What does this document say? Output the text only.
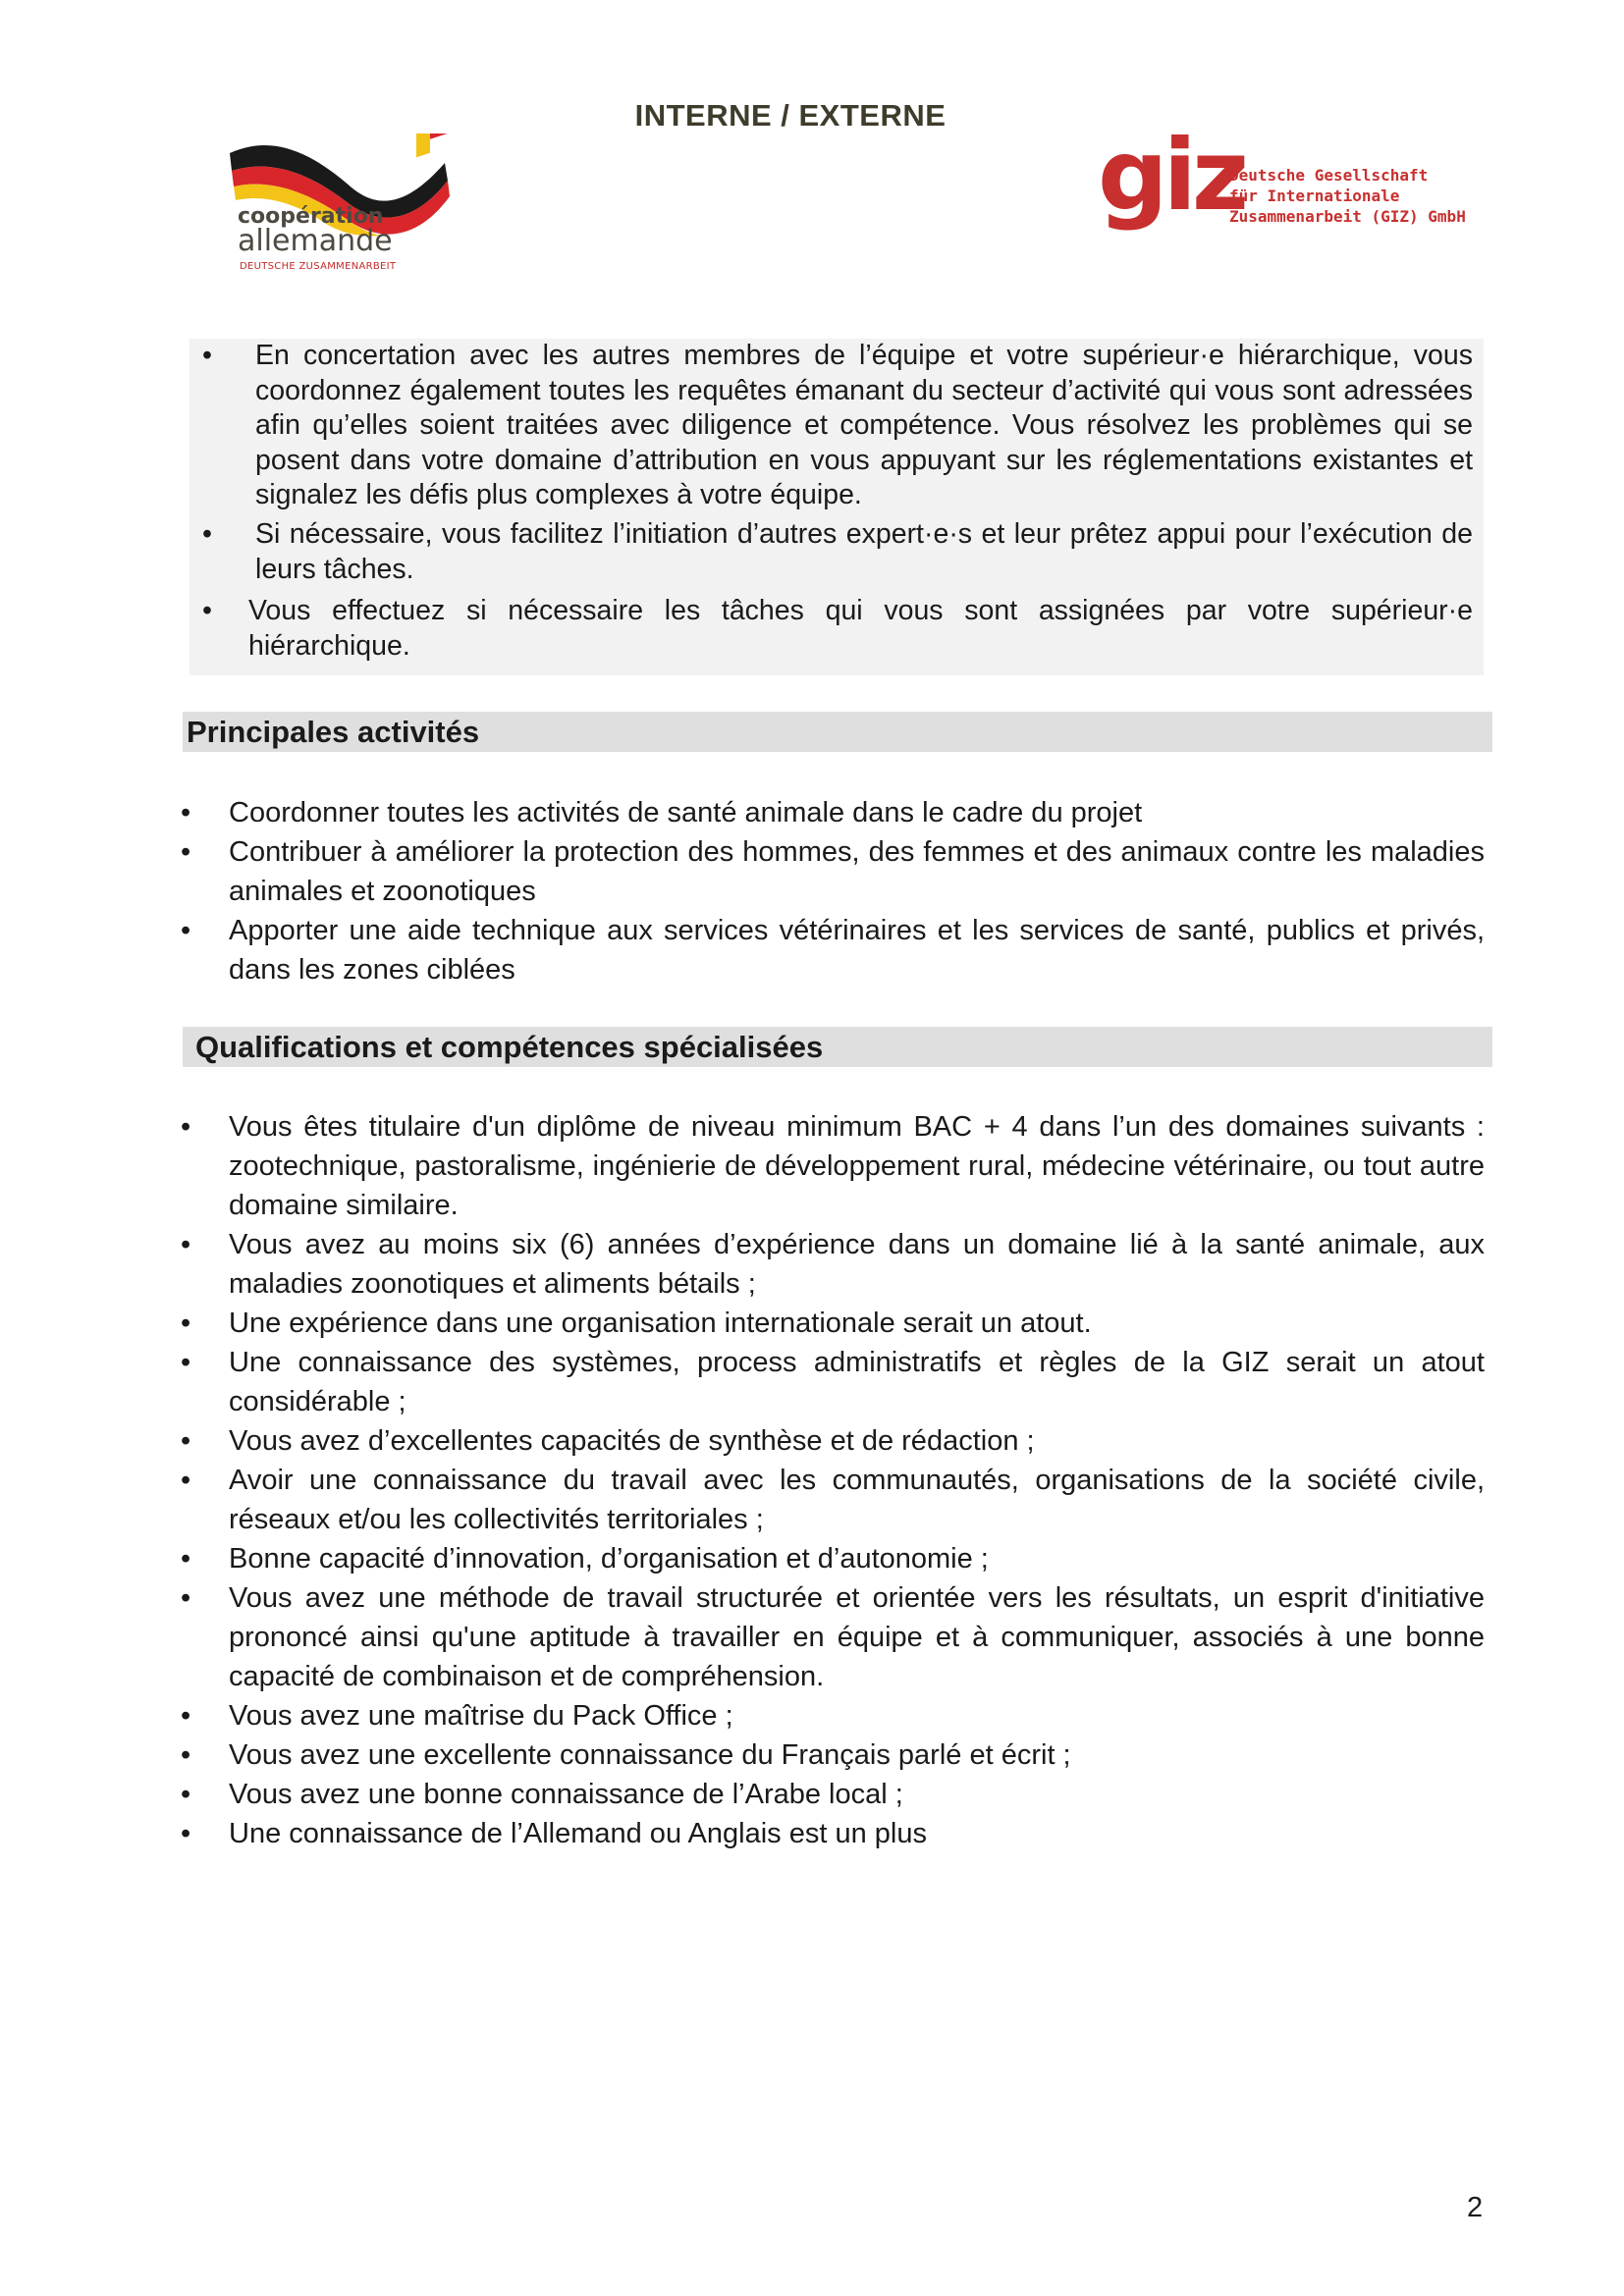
INTERNE / EXTERNE
coopération
allemande
DEUTSCHE ZUSAMMENARBEIT
giz
Deutsche Gesellschaft
für Internationale
Zusammenarbeit (GIZ) GmbH
• En concertation avec les autres membres de l’équipe et votre supérieur·e hiérarchique, vous coordonnez également toutes les requêtes émanant du secteur d’activité qui vous sont adressées afin qu’elles soient traitées avec diligence et compétence. Vous résolvez les problèmes qui se posent dans votre domaine d’attribution en vous appuyant sur les réglementations existantes et signalez les défis plus complexes à votre équipe.
• Si nécessaire, vous facilitez l’initiation d’autres expert·e·s et leur prêtez appui pour l’exécution de leurs tâches.
• Vous effectuez si nécessaire les tâches qui vous sont assignées par votre supérieur·e hiérarchique.
Principales activités
• Coordonner toutes les activités de santé animale dans le cadre du projet
• Contribuer à améliorer la protection des hommes, des femmes et des animaux contre les maladies animales et zoonotiques
• Apporter une aide technique aux services vétérinaires et les services de santé, publics et privés, dans les zones ciblées
Qualifications et compétences spécialisées
• Vous êtes titulaire d'un diplôme de niveau minimum BAC + 4 dans l’un des domaines suivants : zootechnique, pastoralisme, ingénierie de développement rural, médecine vétérinaire, ou tout autre domaine similaire.
• Vous avez au moins six (6) années d’expérience dans un domaine lié à la santé animale, aux maladies zoonotiques et aliments bétails ;
• Une expérience dans une organisation internationale serait un atout.
• Une connaissance des systèmes, process administratifs et règles de la GIZ serait un atout considérable ;
• Vous avez d’excellentes capacités de synthèse et de rédaction ;
• Avoir une connaissance du travail avec les communautés, organisations de la société civile, réseaux et/ou les collectivités territoriales ;
• Bonne capacité d’innovation, d’organisation et d’autonomie ;
• Vous avez une méthode de travail structurée et orientée vers les résultats, un esprit d'initiative prononcé ainsi qu'une aptitude à travailler en équipe et à communiquer, associés à une bonne capacité de combinaison et de compréhension.
• Vous avez une maîtrise du Pack Office ;
• Vous avez une excellente connaissance du Français parlé et écrit ;
• Vous avez une bonne connaissance de l’Arabe local ;
• Une connaissance de l’Allemand ou Anglais est un plus
2
